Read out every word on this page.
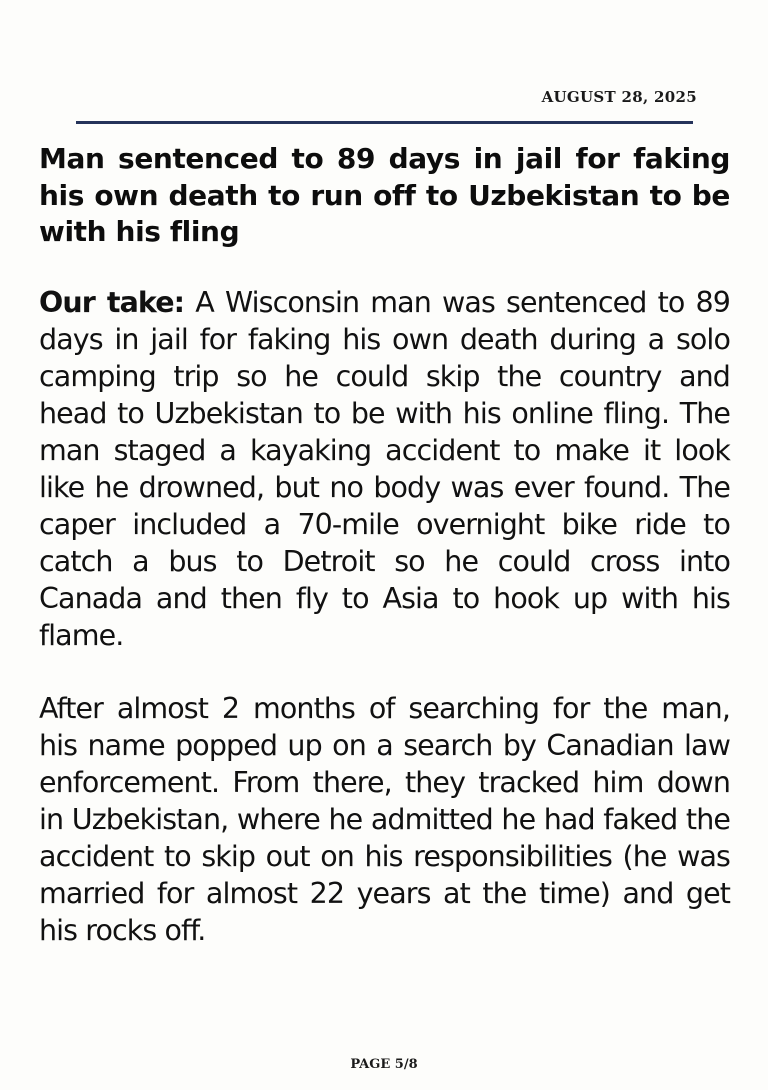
AUGUST 28, 2025
Man sentenced to 89 days in jail for faking his own death to run off to Uzbekistan to be with his fling

Our take: A Wisconsin man was sentenced to 89 days in jail for faking his own death during a solo camping trip so he could skip the country and head to Uzbekistan to be with his online fling. The man staged a kayaking accident to make it look like he drowned, but no body was ever found. The caper included a 70-mile overnight bike ride to catch a bus to Detroit so he could cross into Canada and then fly to Asia to hook up with his flame.

After almost 2 months of searching for the man, his name popped up on a search by Canadian law enforcement. From there, they tracked him down in Uzbekistan, where he admitted he had faked the accident to skip out on his responsibilities (he was married for almost 22 years at the time) and get his rocks off.

PAGE 5/8
